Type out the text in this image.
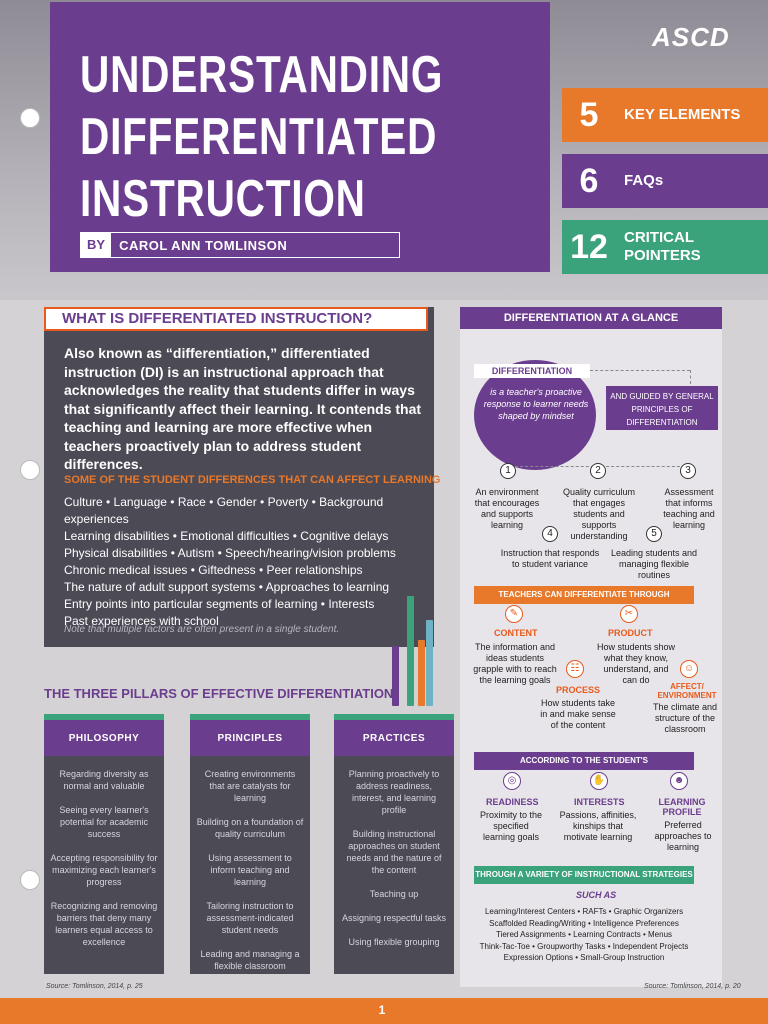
UNDERSTANDING
DIFFERENTIATED
INSTRUCTION
BY	CAROL ANN TOMLINSON
ASCD
5	KEY ELEMENTS
6	FAQs
12	CRITICAL POINTERS
WHAT IS DIFFERENTIATED INSTRUCTION?
Also known as “differentiation,” differentiated instruction (DI) is an instructional approach that acknowledges the reality that students differ in ways that significantly affect their learning. It contends that teaching and learning are more effective when teachers proactively plan to address student differences.
SOME OF THE STUDENT DIFFERENCES THAT CAN AFFECT LEARNING
Culture • Language • Race • Gender • Poverty • Background experiences
Learning disabilities • Emotional difficulties • Cognitive delays
Physical disabilities • Autism • Speech/hearing/vision problems
Chronic medical issues • Giftedness • Peer relationships
The nature of adult support systems • Approaches to learning
Entry points into particular segments of learning • Interests
Past experiences with school
Note that multiple factors are often present in a single student.
THE THREE PILLARS OF EFFECTIVE DIFFERENTIATION
PHILOSOPHY
Regarding diversity as normal and valuable
Seeing every learner's potential for academic success
Accepting responsibility for maximizing each learner's progress
Recognizing and removing barriers that deny many learners equal access to excellence
PRINCIPLES
Creating environments that are catalysts for learning
Building on a foundation of quality curriculum
Using assessment to inform teaching and learning
Tailoring instruction to assessment-indicated student needs
Leading and managing a flexible classroom
PRACTICES
Planning proactively to address readiness, interest, and learning profile
Building instructional approaches on student needs and the nature of the content
Teaching up
Assigning respectful tasks
Using flexible grouping
Source: Tomlinson, 2014, p. 25
DIFFERENTIATION AT A GLANCE
DIFFERENTIATION
is a teacher's proactive response to learner needs shaped by mindset
AND GUIDED BY GENERAL PRINCIPLES OF DIFFERENTIATION
1	2	3
An environment that encourages and supports learning
Quality curriculum that engages students and supports understanding
Assessment that informs teaching and learning
4	5
Instruction that responds to student variance
Leading students and managing flexible routines
TEACHERS CAN DIFFERENTIATE THROUGH
✎	✂
CONTENT	PRODUCT
The information and ideas students grapple with to reach the learning goals
How students show what they know, understand, and can do
☷	☺
PROCESS	AFFECT/ ENVIRONMENT
How students take in and make sense of the content
The climate and structure of the classroom
ACCORDING TO THE STUDENT'S
◎	✋	☻
READINESS	INTERESTS	LEARNING PROFILE
Proximity to the specified learning goals
Passions, affinities, kinships that motivate learning
Preferred approaches to learning
THROUGH A VARIETY OF INSTRUCTIONAL STRATEGIES
SUCH AS
Learning/Interest Centers • RAFTs • Graphic Organizers
Scaffolded Reading/Writing • Intelligence Preferences
Tiered Assignments • Learning Contracts • Menus
Think-Tac-Toe • Groupworthy Tasks • Independent Projects
Expression Options • Small-Group Instruction
Source: Tomlinson, 2014, p. 20
1
